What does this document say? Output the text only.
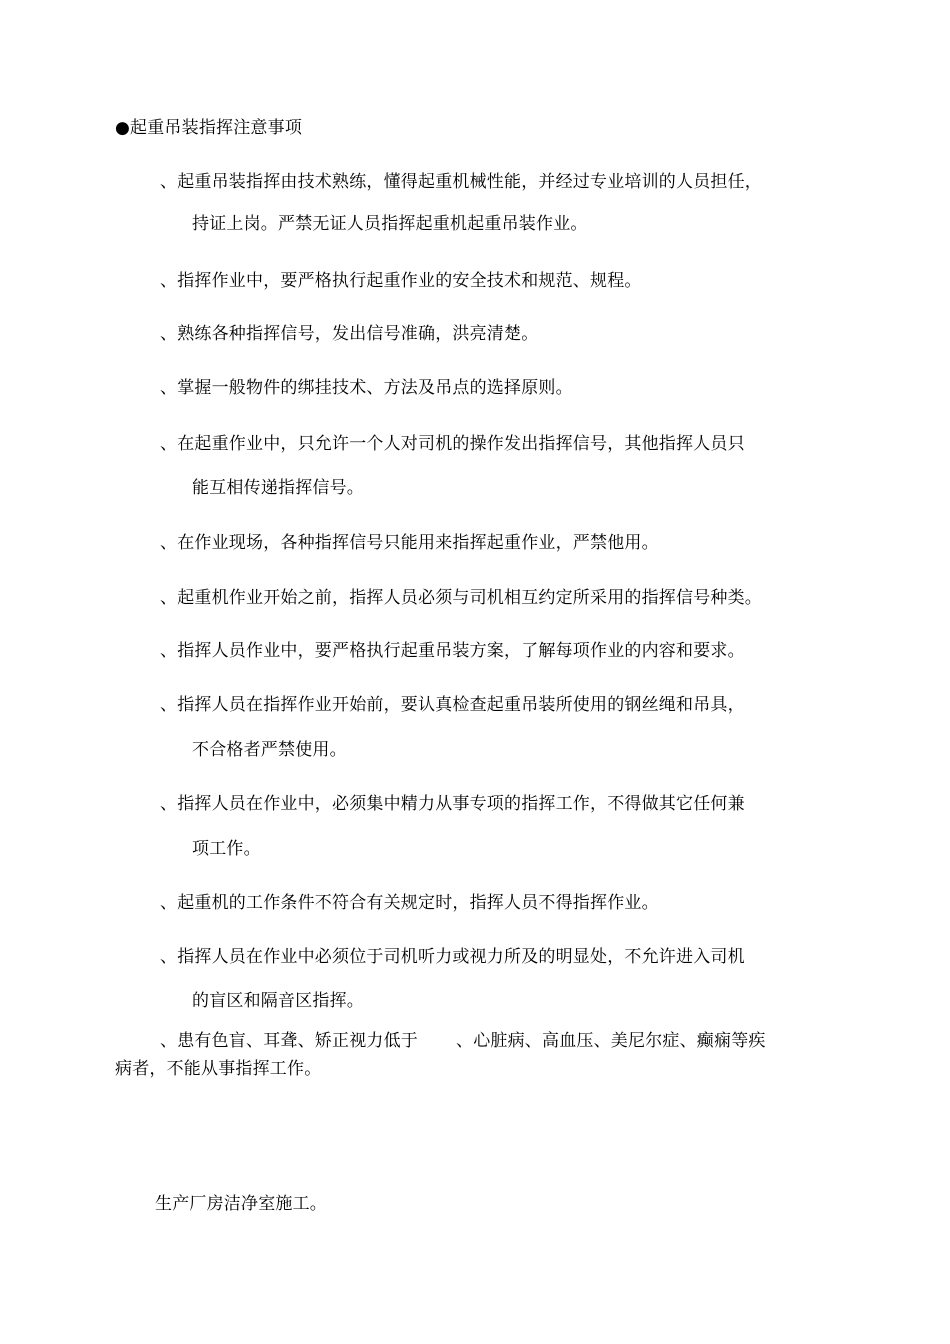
●起重吊装指挥注意事项
、起重吊装指挥由技术熟练，懂得起重机械性能，并经过专业培训的人员担任，
持证上岗。严禁无证人员指挥起重机起重吊装作业。
、指挥作业中，要严格执行起重作业的安全技术和规范、规程。
、熟练各种指挥信号，发出信号准确，洪亮清楚。
、掌握一般物件的绑挂技术、方法及吊点的选择原则。
、在起重作业中，只允许一个人对司机的操作发出指挥信号，其他指挥人员只
能互相传递指挥信号。
、在作业现场，各种指挥信号只能用来指挥起重作业，严禁他用。
、起重机作业开始之前，指挥人员必须与司机相互约定所采用的指挥信号种类。
、指挥人员作业中，要严格执行起重吊装方案，了解每项作业的内容和要求。
、指挥人员在指挥作业开始前，要认真检查起重吊装所使用的钢丝绳和吊具，
不合格者严禁使用。
、指挥人员在作业中，必须集中精力从事专项的指挥工作，不得做其它任何兼
项工作。
、起重机的工作条件不符合有关规定时，指挥人员不得指挥作业。
、指挥人员在作业中必须位于司机听力或视力所及的明显处，不允许进入司机
的盲区和隔音区指挥。
、患有色盲、耳聋、矫正视力低于 、心脏病、高血压、美尼尔症、癫痫等疾
病者，不能从事指挥工作。
生产厂房洁净室施工。
